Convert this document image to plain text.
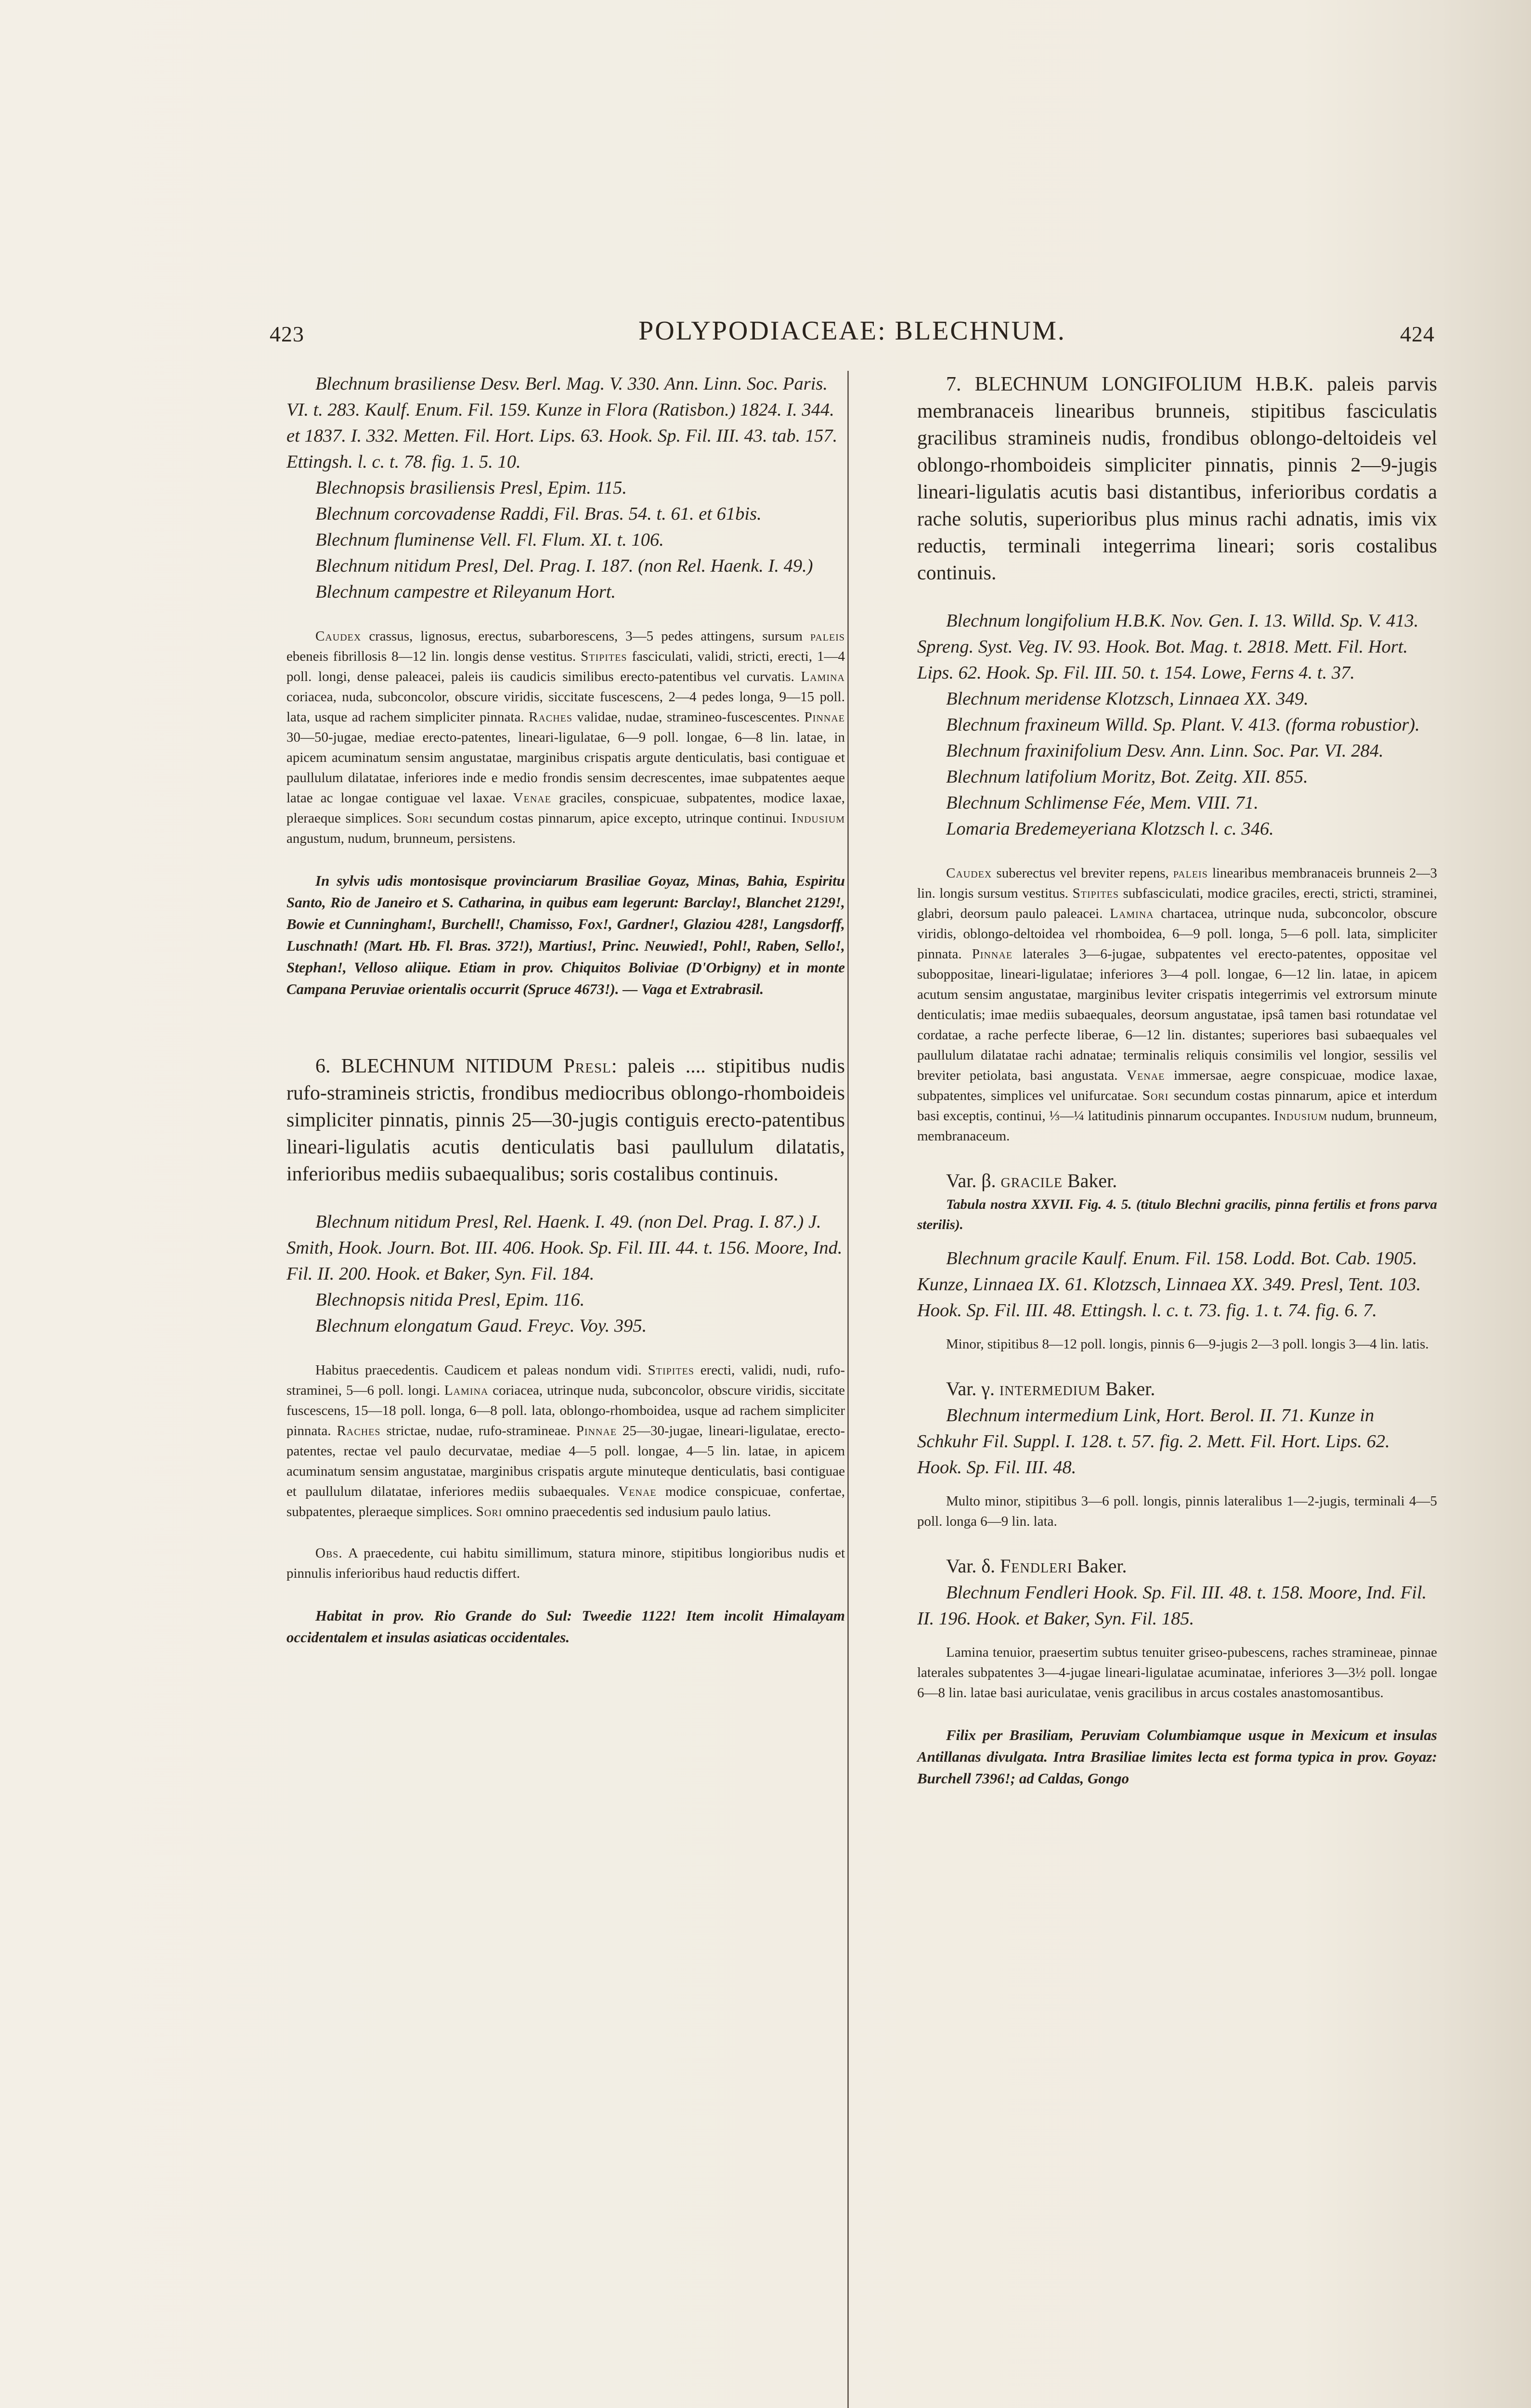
423	POLYPODIACEAE: BLECHNUM.	424

Blechnum brasiliense Desv. Berl. Mag. V. 330. Ann. Linn. Soc. Paris. VI. t. 283. Kaulf. Enum. Fil. 159. Kunze in Flora (Ratisbon.) 1824. I. 344. et 1837. I. 332. Metten. Fil. Hort. Lips. 63. Hook. Sp. Fil. III. 43. tab. 157. Ettingsh. l. c. t. 78. fig. 1. 5. 10.

Blechnopsis brasiliensis Presl, Epim. 115.

Blechnum corcovadense Raddi, Fil. Bras. 54. t. 61. et 61bis.

Blechnum fluminense Vell. Fl. Flum. XI. t. 106.

Blechnum nitidum Presl, Del. Prag. I. 187. (non Rel. Haenk. I. 49.)

Blechnum campestre et Rileyanum Hort.

Caudex crassus, lignosus, erectus, subarborescens, 3—5 pedes attingens, sursum paleis ebeneis fibrillosis 8—12 lin. longis dense vestitus. Stipites fasciculati, validi, stricti, erecti, 1—4 poll. longi, dense paleacei, paleis iis caudicis similibus erecto-patentibus vel curvatis. Lamina coriacea, nuda, subconcolor, obscure viridis, siccitate fuscescens, 2—4 pedes longa, 9—15 poll. lata, usque ad rachem simpliciter pinnata. Raches validae, nudae, stramineo-fuscescentes. Pinnae 30—50-jugae, mediae erecto-patentes, lineari-ligulatae, 6—9 poll. longae, 6—8 lin. latae, in apicem acuminatum sensim angustatae, marginibus crispatis argute denticulatis, basi contiguae et paullulum dilatatae, inferiores inde e medio frondis sensim decrescentes, imae subpatentes aeque latae ac longae contiguae vel laxae. Venae graciles, conspicuae, subpatentes, modice laxae, pleraeque simplices. Sori secundum costas pinnarum, apice excepto, utrinque continui. Indusium angustum, nudum, brunneum, persistens.

In sylvis udis montosisque provinciarum Brasiliae Goyaz, Minas, Bahia, Espiritu Santo, Rio de Janeiro et S. Catharina, in quibus eam legerunt: Barclay!, Blanchet 2129!, Bowie et Cunningham!, Burchell!, Chamisso, Fox!, Gardner!, Glaziou 428!, Langsdorff, Luschnath! (Mart. Hb. Fl. Bras. 372!), Martius!, Princ. Neuwied!, Pohl!, Raben, Sello!, Stephan!, Velloso aliique. Etiam in prov. Chiquitos Boliviae (D'Orbigny) et in monte Campana Peruviae orientalis occurrit (Spruce 4673!). — Vaga et Extrabrasil.

6. BLECHNUM NITIDUM Presl: paleis .... stipitibus nudis rufo-stramineis strictis, frondibus mediocribus oblongo-rhomboideis simpliciter pinnatis, pinnis 25—30-jugis contiguis erecto-patentibus lineari-ligulatis acutis denticulatis basi paullulum dilatatis, inferioribus mediis subaequalibus; soris costalibus continuis.

Blechnum nitidum Presl, Rel. Haenk. I. 49. (non Del. Prag. I. 87.) J. Smith, Hook. Journ. Bot. III. 406. Hook. Sp. Fil. III. 44. t. 156. Moore, Ind. Fil. II. 200. Hook. et Baker, Syn. Fil. 184.

Blechnopsis nitida Presl, Epim. 116.

Blechnum elongatum Gaud. Freyc. Voy. 395.

Habitus praecedentis. Caudicem et paleas nondum vidi. Stipites erecti, validi, nudi, rufo-straminei, 5—6 poll. longi. Lamina coriacea, utrinque nuda, subconcolor, obscure viridis, siccitate fuscescens, 15—18 poll. longa, 6—8 poll. lata, oblongo-rhomboidea, usque ad rachem simpliciter pinnata. Raches strictae, nudae, rufo-stramineae. Pinnae 25—30-jugae, lineari-ligulatae, erecto-patentes, rectae vel paulo decurvatae, mediae 4—5 poll. longae, 4—5 lin. latae, in apicem acuminatum sensim angustatae, marginibus crispatis argute minuteque denticulatis, basi contiguae et paullulum dilatatae, inferiores mediis subaequales. Venae modice conspicuae, confertae, subpatentes, pleraeque simplices. Sori omnino praecedentis sed indusium paulo latius.

Obs. A praecedente, cui habitu simillimum, statura minore, stipitibus longioribus nudis et pinnulis inferioribus haud reductis differt.

Habitat in prov. Rio Grande do Sul: Tweedie 1122! Item incolit Himalayam occidentalem et insulas asiaticas occidentales.

7. BLECHNUM LONGIFOLIUM H.B.K. paleis parvis membranaceis linearibus brunneis, stipitibus fasciculatis gracilibus stramineis nudis, frondibus oblongo-deltoideis vel oblongo-rhomboideis simpliciter pinnatis, pinnis 2—9-jugis lineari-ligulatis acutis basi distantibus, inferioribus cordatis a rache solutis, superioribus plus minus rachi adnatis, imis vix reductis, terminali integerrima lineari; soris costalibus continuis.

Blechnum longifolium H.B.K. Nov. Gen. I. 13. Willd. Sp. V. 413. Spreng. Syst. Veg. IV. 93. Hook. Bot. Mag. t. 2818. Mett. Fil. Hort. Lips. 62. Hook. Sp. Fil. III. 50. t. 154. Lowe, Ferns 4. t. 37.

Blechnum meridense Klotzsch, Linnaea XX. 349.

Blechnum fraxineum Willd. Sp. Plant. V. 413. (forma robustior).

Blechnum fraxinifolium Desv. Ann. Linn. Soc. Par. VI. 284.

Blechnum latifolium Moritz, Bot. Zeitg. XII. 855.

Blechnum Schlimense Fée, Mem. VIII. 71.

Lomaria Bredemeyeriana Klotzsch l. c. 346.

Caudex suberectus vel breviter repens, paleis linearibus membranaceis brunneis 2—3 lin. longis sursum vestitus. Stipites subfasciculati, modice graciles, erecti, stricti, straminei, glabri, deorsum paulo paleacei. Lamina chartacea, utrinque nuda, subconcolor, obscure viridis, oblongo-deltoidea vel rhomboidea, 6—9 poll. longa, 5—6 poll. lata, simpliciter pinnata. Pinnae laterales 3—6-jugae, subpatentes vel erecto-patentes, oppositae vel suboppositae, lineari-ligulatae; inferiores 3—4 poll. longae, 6—12 lin. latae, in apicem acutum sensim angustatae, marginibus leviter crispatis integerrimis vel extrorsum minute denticulatis; imae mediis subaequales, deorsum angustatae, ipsâ tamen basi rotundatae vel cordatae, a rache perfecte liberae, 6—12 lin. distantes; superiores basi subaequales vel paullulum dilatatae rachi adnatae; terminalis reliquis consimilis vel longior, sessilis vel breviter petiolata, basi angustata. Venae immersae, aegre conspicuae, modice laxae, subpatentes, simplices vel unifurcatae. Sori secundum costas pinnarum, apice et interdum basi exceptis, continui, ⅓—¼ latitudinis pinnarum occupantes. Indusium nudum, brunneum, membranaceum.

Var. β. gracile Baker.

Tabula nostra XXVII. Fig. 4. 5. (titulo Blechni gracilis, pinna fertilis et frons parva sterilis).

Blechnum gracile Kaulf. Enum. Fil. 158. Lodd. Bot. Cab. 1905. Kunze, Linnaea IX. 61. Klotzsch, Linnaea XX. 349. Presl, Tent. 103. Hook. Sp. Fil. III. 48. Ettingsh. l. c. t. 73. fig. 1. t. 74. fig. 6. 7.

Minor, stipitibus 8—12 poll. longis, pinnis 6—9-jugis 2—3 poll. longis 3—4 lin. latis.

Var. γ. intermedium Baker.

Blechnum intermedium Link, Hort. Berol. II. 71. Kunze in Schkuhr Fil. Suppl. I. 128. t. 57. fig. 2. Mett. Fil. Hort. Lips. 62. Hook. Sp. Fil. III. 48.

Multo minor, stipitibus 3—6 poll. longis, pinnis lateralibus 1—2-jugis, terminali 4—5 poll. longa 6—9 lin. lata.

Var. δ. Fendleri Baker.

Blechnum Fendleri Hook. Sp. Fil. III. 48. t. 158. Moore, Ind. Fil. II. 196. Hook. et Baker, Syn. Fil. 185.

Lamina tenuior, praesertim subtus tenuiter griseo-pubescens, raches stramineae, pinnae laterales subpatentes 3—4-jugae lineari-ligulatae acuminatae, inferiores 3—3½ poll. longae 6—8 lin. latae basi auriculatae, venis gracilibus in arcus costales anastomosantibus.

Filix per Brasiliam, Peruviam Columbiamque usque in Mexicum et insulas Antillanas divulgata. Intra Brasiliae limites lecta est forma typica in prov. Goyaz: Burchell 7396!; ad Caldas, Gongo
